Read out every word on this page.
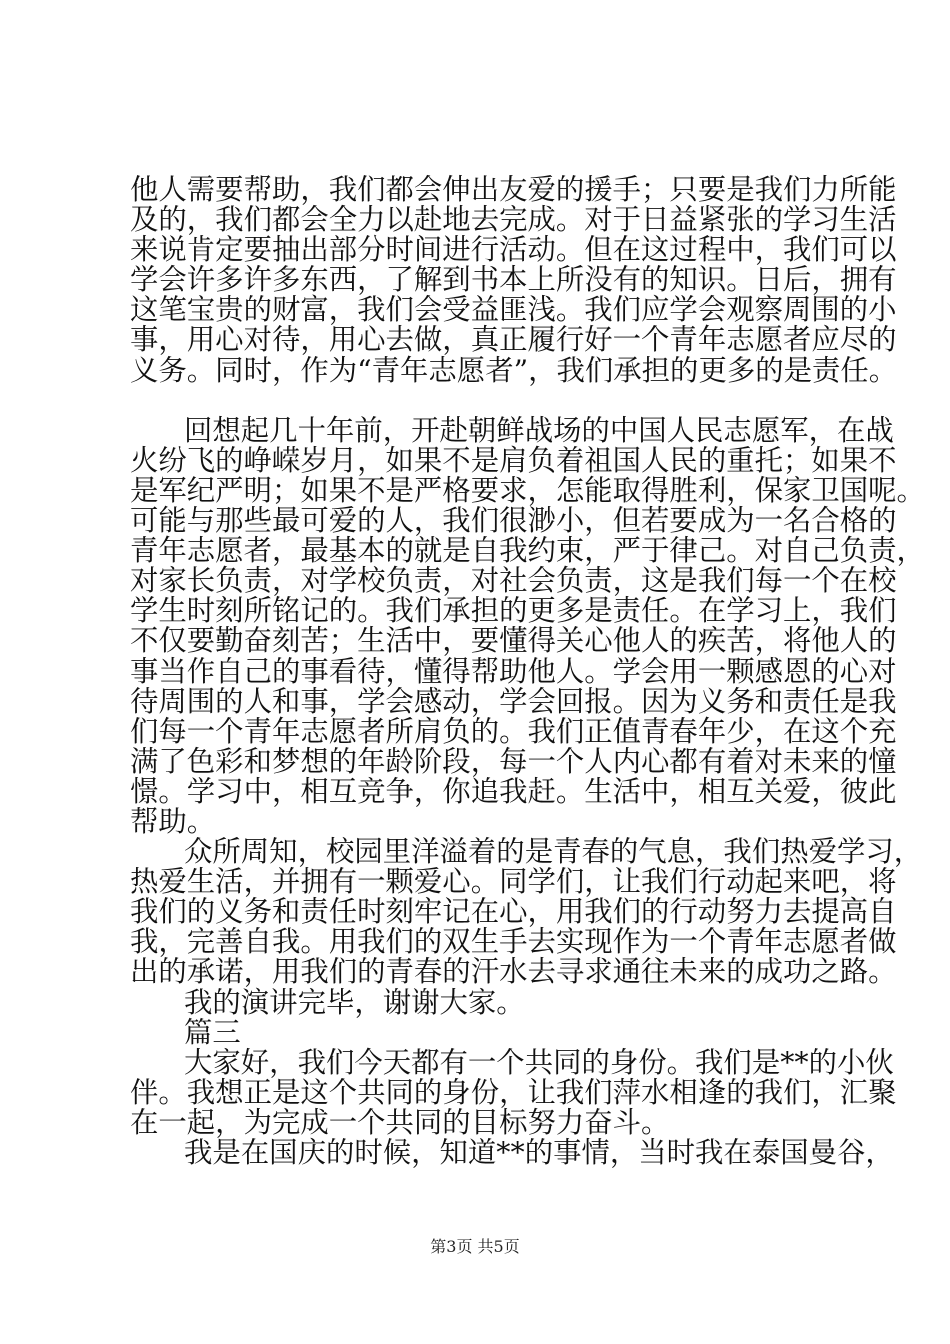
他人需要帮助，我们都会伸出友爱的援手；只要是我们力所能
及的，我们都会全力以赴地去完成。对于日益紧张的学习生活
来说肯定要抽出部分时间进行活动。但在这过程中，我们可以
学会许多许多东西，了解到书本上所没有的知识。日后，拥有
这笔宝贵的财富，我们会受益匪浅。我们应学会观察周围的小
事，用心对待，用心去做，真正履行好一个青年志愿者应尽的
义务。同时，作为“青年志愿者”，我们承担的更多的是责任。
回想起几十年前，开赴朝鲜战场的中国人民志愿军，在战
火纷飞的峥嵘岁月，如果不是肩负着祖国人民的重托；如果不
是军纪严明；如果不是严格要求，怎能取得胜利，保家卫国呢。
可能与那些最可爱的人，我们很渺小，但若要成为一名合格的
青年志愿者，最基本的就是自我约束，严于律己。对自己负责，
对家长负责，对学校负责，对社会负责，这是我们每一个在校
学生时刻所铭记的。我们承担的更多是责任。在学习上，我们
不仅要勤奋刻苦；生活中，要懂得关心他人的疾苦，将他人的
事当作自己的事看待，懂得帮助他人。学会用一颗感恩的心对
待周围的人和事，学会感动，学会回报。因为义务和责任是我
们每一个青年志愿者所肩负的。我们正值青春年少，在这个充
满了色彩和梦想的年龄阶段，每一个人内心都有着对未来的憧
憬。学习中，相互竞争，你追我赶。生活中，相互关爱，彼此
帮助。
众所周知，校园里洋溢着的是青春的气息，我们热爱学习，
热爱生活，并拥有一颗爱心。同学们，让我们行动起来吧，将
我们的义务和责任时刻牢记在心，用我们的行动努力去提高自
我，完善自我。用我们的双生手去实现作为一个青年志愿者做
出的承诺，用我们的青春的汗水去寻求通往未来的成功之路。
我的演讲完毕，谢谢大家。
篇三
大家好，我们今天都有一个共同的身份。我们是**的小伙
伴。我想正是这个共同的身份，让我们萍水相逢的我们，汇聚
在一起，为完成一个共同的目标努力奋斗。
我是在国庆的时候，知道**的事情，当时我在泰国曼谷，
第3页 共5页
